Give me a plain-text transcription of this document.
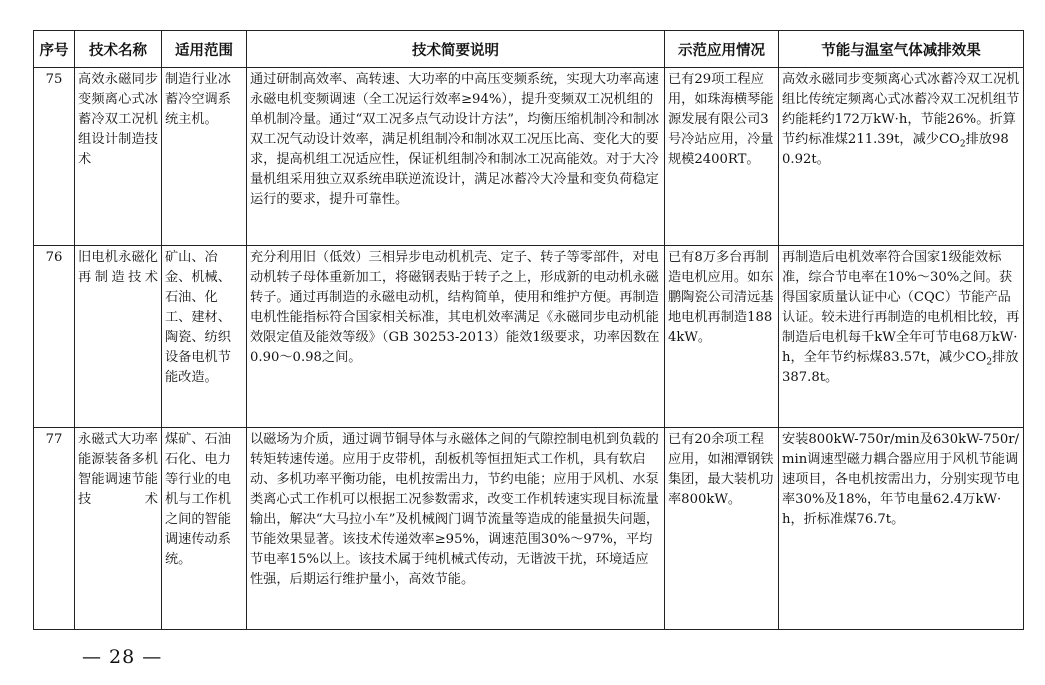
序号	技术名称	适用范围	技术简要说明	示范应用情况	节能与温室气体减排效果
75	高效永磁同步变频离心式冰蓄冷双工况机组设计制造技术	制造行业冰蓄冷空调系统主机。	通过研制高效率、高转速、大功率的中高压变频系统，实现大功率高速永磁电机变频调速（全工况运行效率≥94%），提升变频双工况机组的单机制冷量。通过“双工况多点气动设计方法”，均衡压缩机制冷和制冰双工况气动设计效率，满足机组制冷和制冰双工况压比高、变化大的要求，提高机组工况适应性，保证机组制冷和制冰工况高能效。对于大冷量机组采用独立双系统串联逆流设计，满足冰蓄冷大冷量和变负荷稳定运行的要求，提升可靠性。	已有29项工程应用，如珠海横琴能源发展有限公司3号冷站应用，冷量规模2400RT。	高效永磁同步变频离心式冰蓄冷双工况机组比传统定频离心式冰蓄冷双工况机组节约能耗约172万kW·h，节能26%。折算节约标准煤211.39t，减少$CO_2$排放980.92t。
76	旧电机永磁化再制造技术	矿山、冶金、机械、石油、化工、建材、陶瓷、纺织设备电机节能改造。	充分利用旧（低效）三相异步电动机机壳、定子、转子等零部件，对电动机转子母体重新加工，将磁钢表贴于转子之上，形成新的电动机永磁转子。通过再制造的永磁电动机，结构简单，使用和维护方便。再制造电机性能指标符合国家相关标准，其电机效率满足《永磁同步电动机能效限定值及能效等级》（GB 30253-2013）能效1级要求，功率因数在0.90～0.98之间。	已有8万多台再制造电机应用。如东鹏陶瓷公司清远基地电机再制造1884kW。	再制造后电机效率符合国家1级能效标准，综合节电率在10%～30%之间。获得国家质量认证中心（CQC）节能产品认证。较未进行再制造的电机相比较，再制造后电机每千kW全年可节电68万kW·h，全年节约标煤83.57t，减少$CO_2$排放387.8t。
77	永磁式大功率能源装备多机智能调速节能技术	煤矿、石油石化、电力等行业的电机与工作机之间的智能调速传动系统。	以磁场为介质，通过调节铜导体与永磁体之间的气隙控制电机到负载的转矩转速传递。应用于皮带机，刮板机等恒扭矩式工作机，具有软启动、多机功率平衡功能，电机按需出力，节约电能；应用于风机、水泵类离心式工作机可以根据工况参数需求，改变工作机转速实现目标流量输出，解决“大马拉小车”及机械阀门调节流量等造成的能量损失问题，节能效果显著。该技术传递效率≥95%，调速范围30%～97%，平均节电率15%以上。该技术属于纯机械式传动，无谐波干扰，环境适应性强，后期运行维护量小，高效节能。	已有20余项工程应用，如湘潭钢铁集团，最大装机功率800kW。	安装800kW-750r/min及630kW-750r/min调速型磁力耦合器应用于风机节能调速项目，各电机按需出力，分别实现节电率30%及18%，年节电量62.4万kW·h，折标准煤76.7t。
— 28 —
